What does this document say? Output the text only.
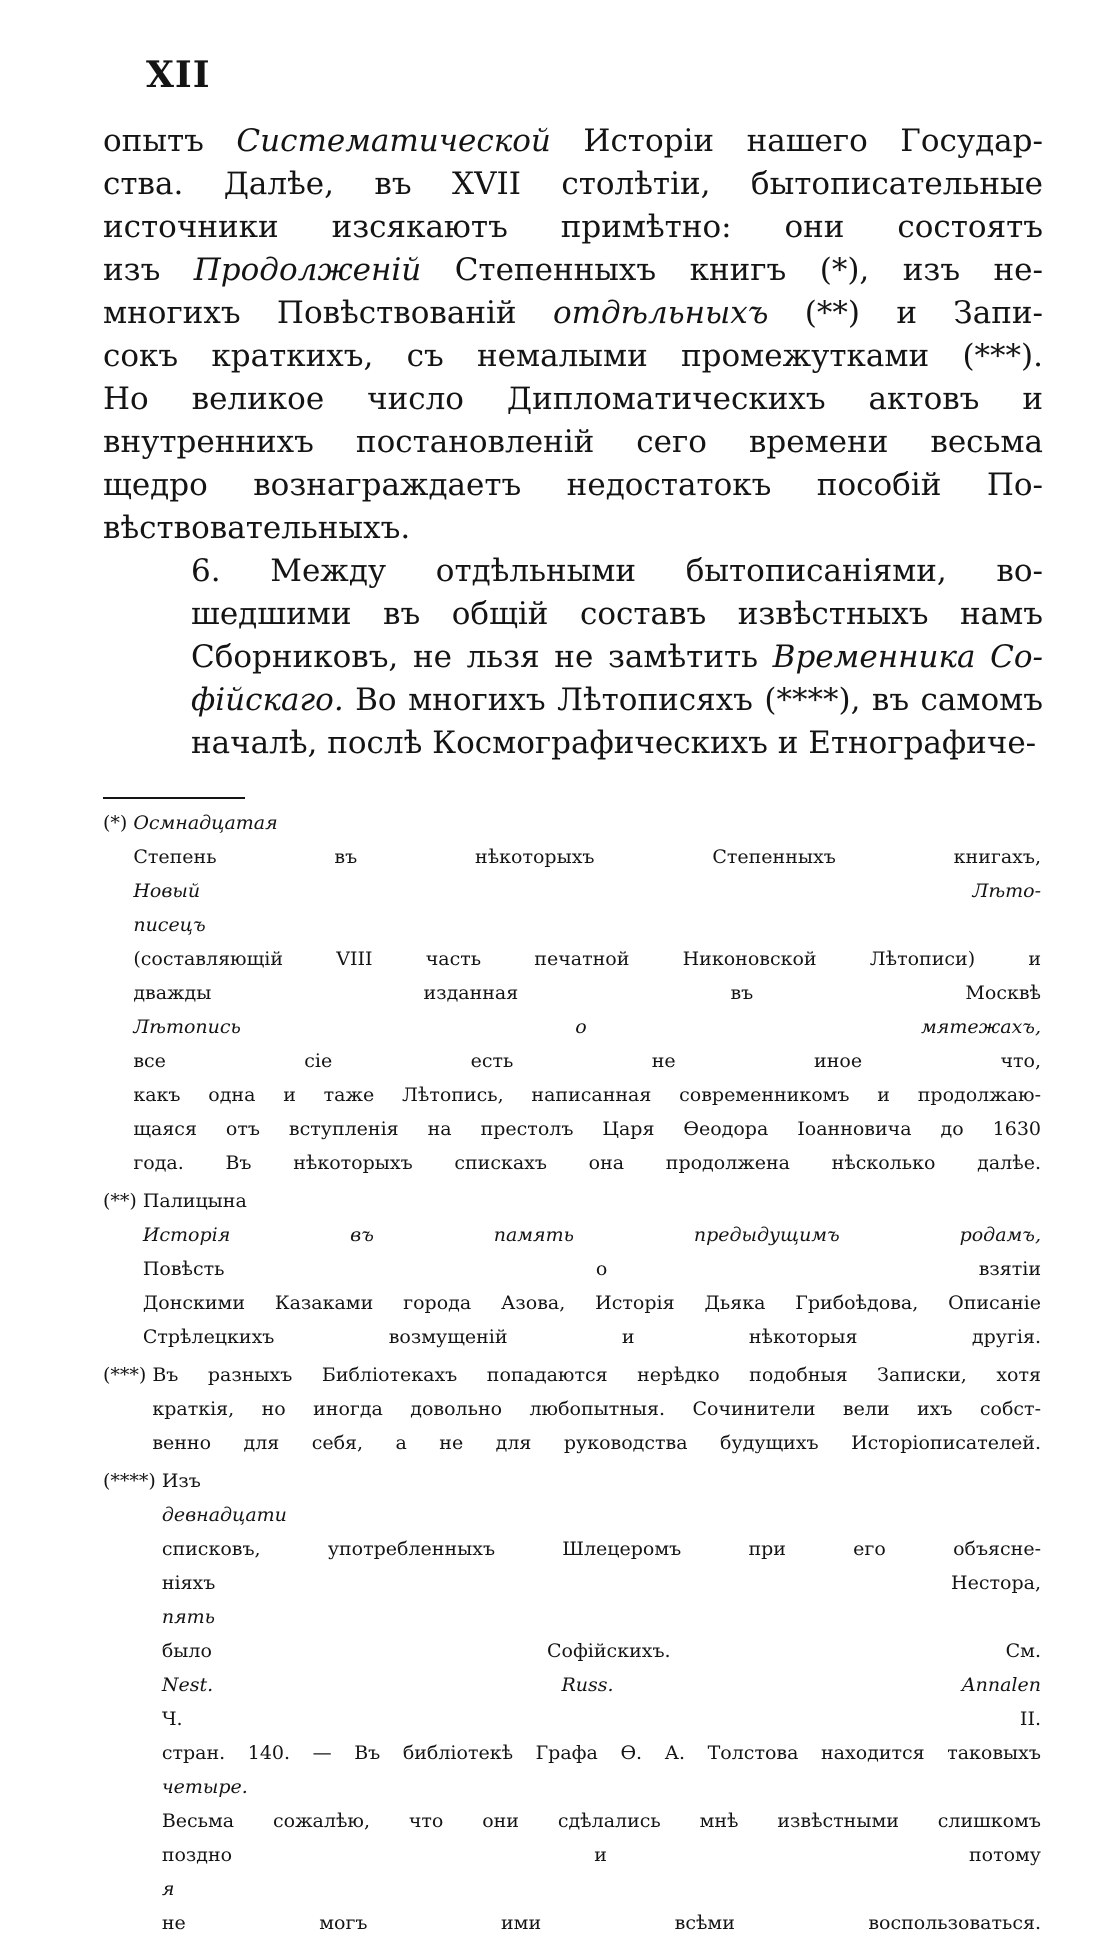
XII

опытъ Систематической Исторіи нашего Государ-
ства. Далѣе, въ XVII столѣтіи, бытописательные
источники изсякаютъ примѣтно: они состоятъ
изъ Продолженій Степенныхъ книгъ (*), изъ не-
многихъ Повѣствованій отдѣльныхъ (**) и Запи-
сокъ краткихъ, съ немалыми промежутками (***).
Но великое число Дипломатическихъ актовъ и
внутреннихъ постановленій сего времени весьма
щедро вознаграждаетъ недостатокъ пособій По-
вѣствовательныхъ.

6. Между отдѣльными бытописаніями, во-
шедшими въ общій составъ извѣстныхъ намъ
Сборниковъ, не льзя не замѣтить Временника Со-
фійскаго. Во многихъ Лѣтописяхъ (****), въ самомъ
началѣ, послѣ Космографическихъ и Етнографиче-

(*) Осмнадцатая
Степень въ нѣкоторыхъ Степенныхъ книгахъ,
Новый Лѣто-
писецъ
(составляющій VIII часть печатной Никоновской Лѣтописи) и
дважды изданная въ Москвѣ
Лѣтопись о мятежахъ,
все сіе есть не иное что,
какъ одна и таже Лѣтопись, написанная современникомъ и продолжаю-
щаяся отъ вступленія на престолъ Царя Ѳеодора Іоанновича до 1630
года. Въ нѣкоторыхъ спискахъ она продолжена нѣсколько далѣе.
(**) Палицына
Исторія въ память предыдущимъ родамъ,
Повѣсть о взятіи
Донскими Казаками города Азова, Исторія Дьяка Грибоѣдова, Описаніе
Стрѣлецкихъ возмущеній и нѣкоторыя другія.
(***) Въ разныхъ Библіотекахъ попадаются нерѣдко подобныя Записки, хотя
краткія, но иногда довольно любопытныя. Сочинители вели ихъ собст-
венно для себя, а не для руководства будущихъ Исторіописателей.
(****) Изъ
девнадцати
списковъ, употребленныхъ Шлецеромъ при его объясне-
ніяхъ Нестора,
пять
было Софійскихъ. См.
Nest. Russ. Annalen
Ч. II.
стран. 140. — Въ библіотекѣ Графа Ѳ. А. Толстова находится таковыхъ
четыре.
Весьма сожалѣю, что они сдѣлались мнѣ извѣстными слишкомъ
поздно и потому
я
не могъ ими всѣми воспользоваться.
